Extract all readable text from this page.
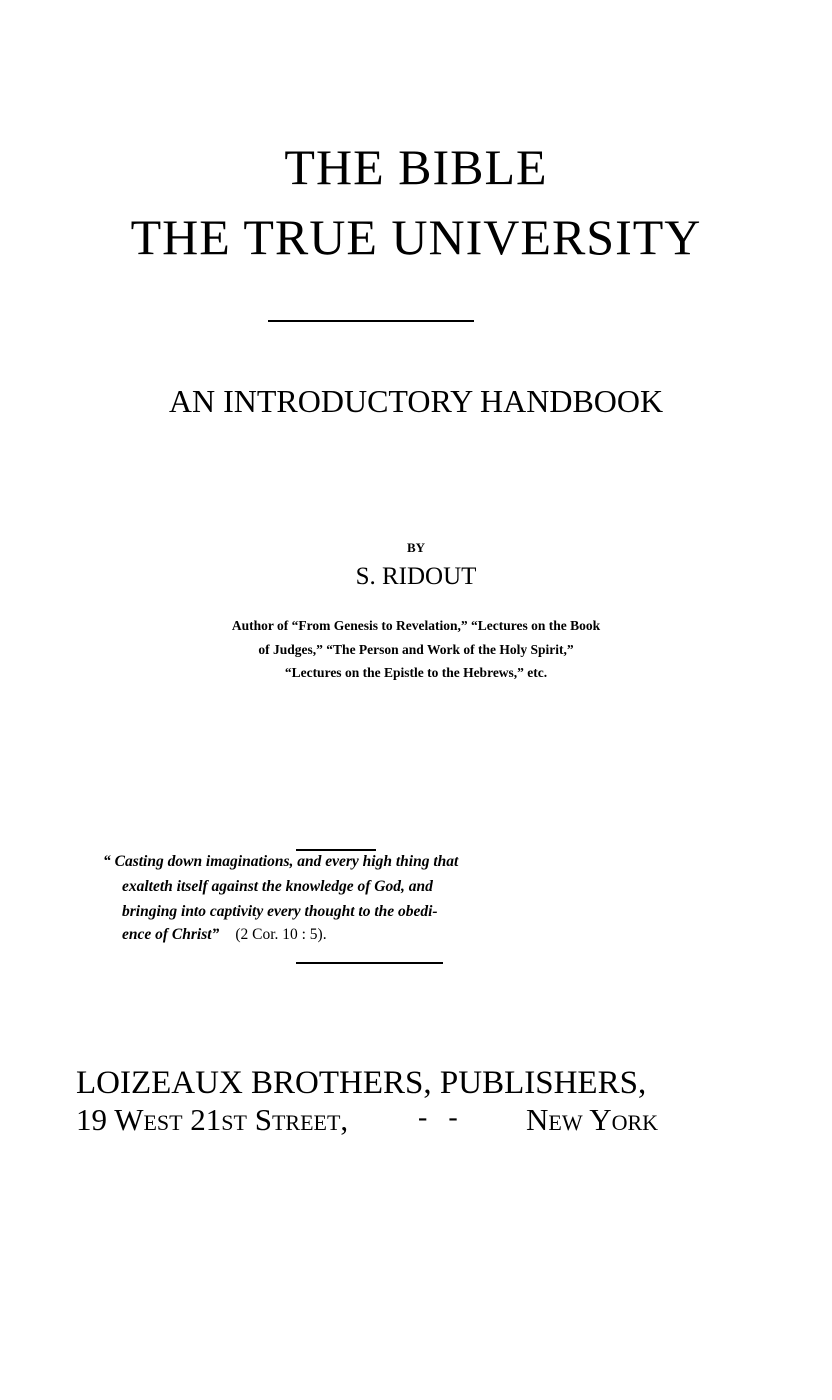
THE BIBLE
THE TRUE UNIVERSITY
AN INTRODUCTORY HANDBOOK
BY
S. RIDOUT
Author of “From Genesis to Revelation,” “Lectures on the Book
of Judges,” “The Person and Work of the Holy Spirit,”
“Lectures on the Epistle to the Hebrews,” etc.
“ Casting down imaginations, and every high thing that
exalteth itself against the knowledge of God, and
bringing into captivity every thought to the obedi-
ence of Christ” (2 Cor. 10 : 5).
LOIZEAUX BROTHERS, PUBLISHERS,
19 West 21st Street, -   - New York
